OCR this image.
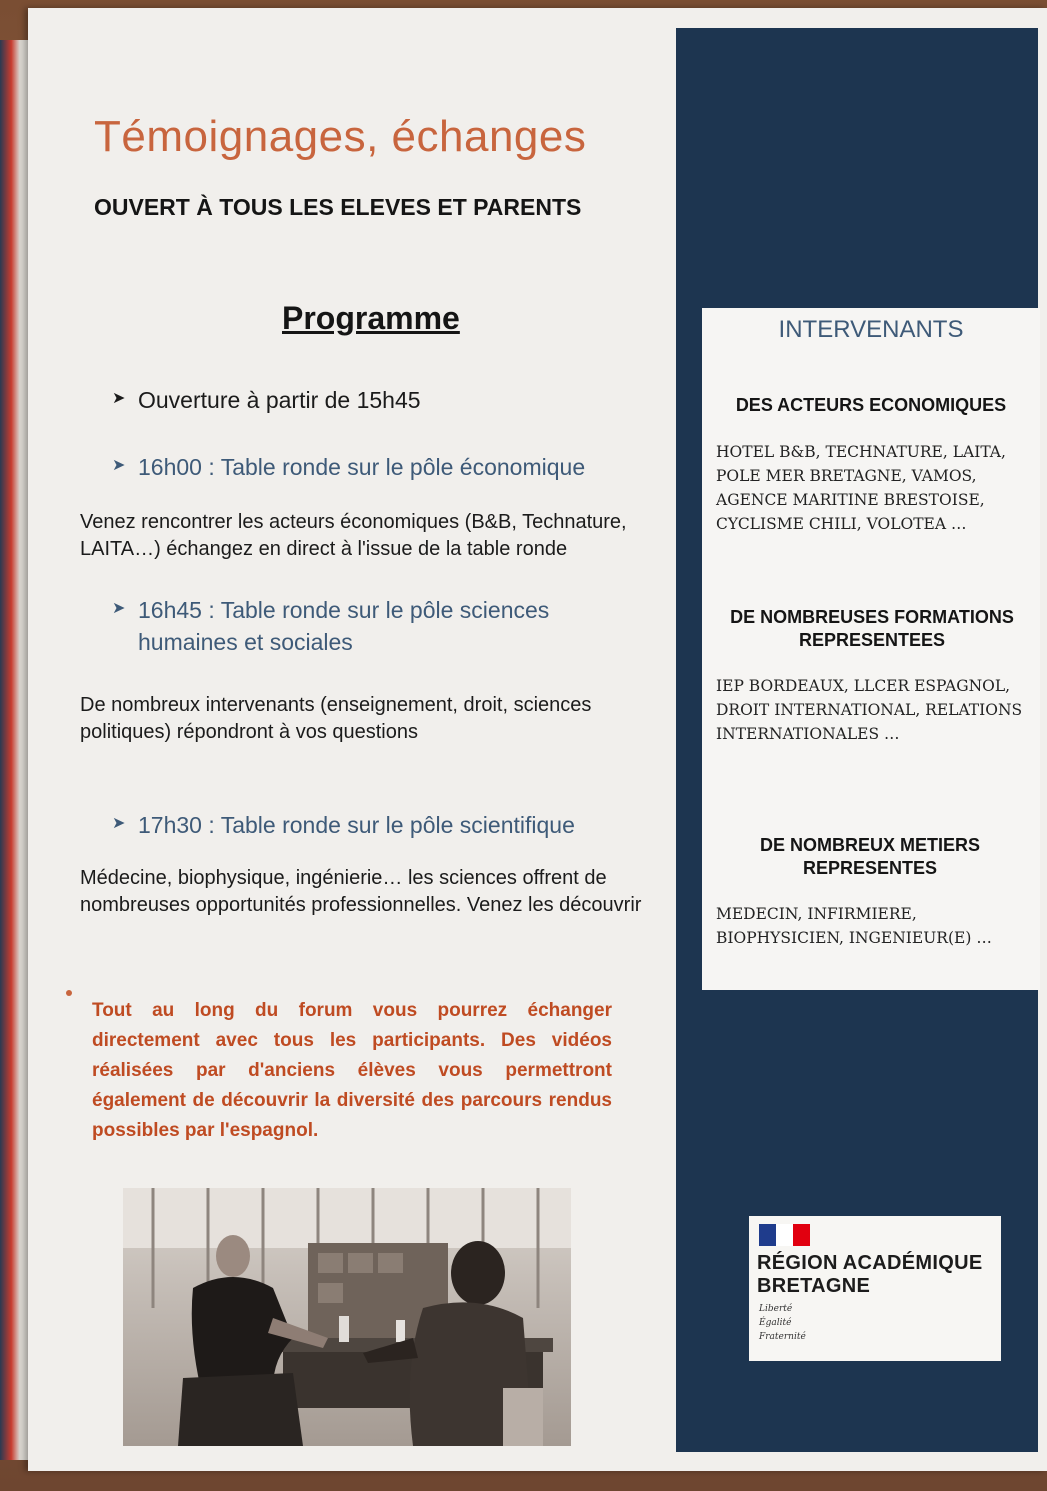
Témoignages, échanges
OUVERT À TOUS LES ELEVES ET PARENTS
Programme
➤ Ouverture à partir de 15h45
➤ 16h00 : Table ronde sur le pôle économique

Venez rencontrer les acteurs économiques (B&B, Technature, LAITA…) échangez en direct à l'issue de la table ronde

➤ 16h45 : Table ronde sur le pôle sciences humaines et sociales

De nombreux intervenants (enseignement, droit, sciences politiques) répondront à vos questions

➤ 17h30 : Table ronde sur le pôle scientifique

Médecine, biophysique, ingénierie… les sciences offrent de nombreuses opportunités professionnelles. Venez les découvrir

Tout au long du forum vous pourrez échanger directement avec tous les participants. Des vidéos réalisées par d'anciens élèves vous permettront également de découvrir la diversité des parcours rendus possibles par l'espagnol.

INTERVENANTS

DES ACTEURS ECONOMIQUES

HOTEL B&B, TECHNATURE, LAITA, POLE MER BRETAGNE, VAMOS, AGENCE MARITINE BRESTOISE, CYCLISME CHILI, VOLOTEA …

DE NOMBREUSES FORMATIONS REPRESENTEES

IEP BORDEAUX, LLCER ESPAGNOL, DROIT INTERNATIONAL, RELATIONS INTERNATIONALES …

DE NOMBREUX METIERS REPRESENTES

MEDECIN, INFIRMIERE, BIOPHYSICIEN, INGENIEUR(E) …

RÉGION ACADÉMIQUE
BRETAGNE
Liberté
Égalité
Fraternité
